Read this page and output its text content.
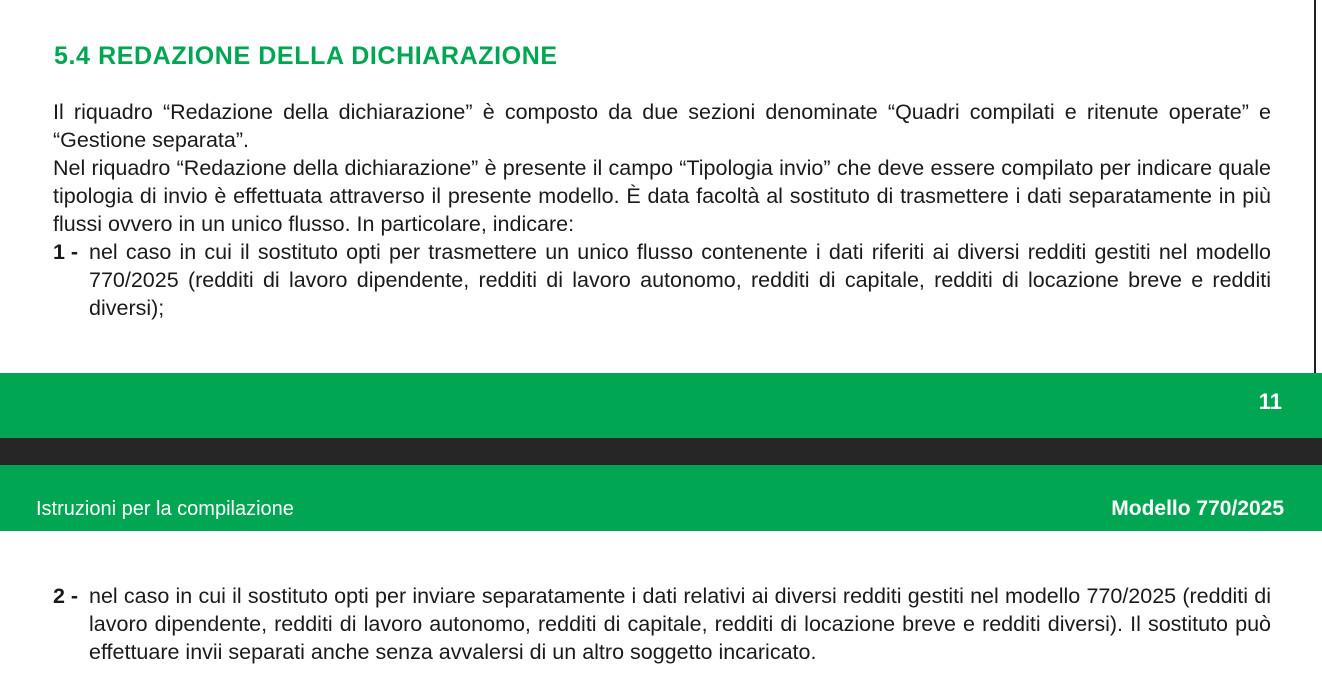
5.4 REDAZIONE DELLA DICHIARAZIONE

Il riquadro “Redazione della dichiarazione” è composto da due sezioni denominate “Quadri compilati e ritenute operate” e “Gestione separata”.

Nel riquadro “Redazione della dichiarazione” è presente il campo “Tipologia invio” che deve essere compilato per indicare quale tipologia di invio è effettuata attraverso il presente modello. È data facoltà al sostituto di trasmettere i dati separatamente in più flussi ovvero in un unico flusso. In particolare, indicare:

1 - nel caso in cui il sostituto opti per trasmettere un unico flusso contenente i dati riferiti ai diversi redditi gestiti nel modello 770/2025 (redditi di lavoro dipendente, redditi di lavoro autonomo, redditi di capitale, redditi di locazione breve e redditi diversi);
11
Istruzioni per la compilazione	Modello 770/2025
2 - nel caso in cui il sostituto opti per inviare separatamente i dati relativi ai diversi redditi gestiti nel modello 770/2025 (redditi di lavoro dipendente, redditi di lavoro autonomo, redditi di capitale, redditi di locazione breve e redditi diversi). Il sostituto può effettuare invii separati anche senza avvalersi di un altro soggetto incaricato.
